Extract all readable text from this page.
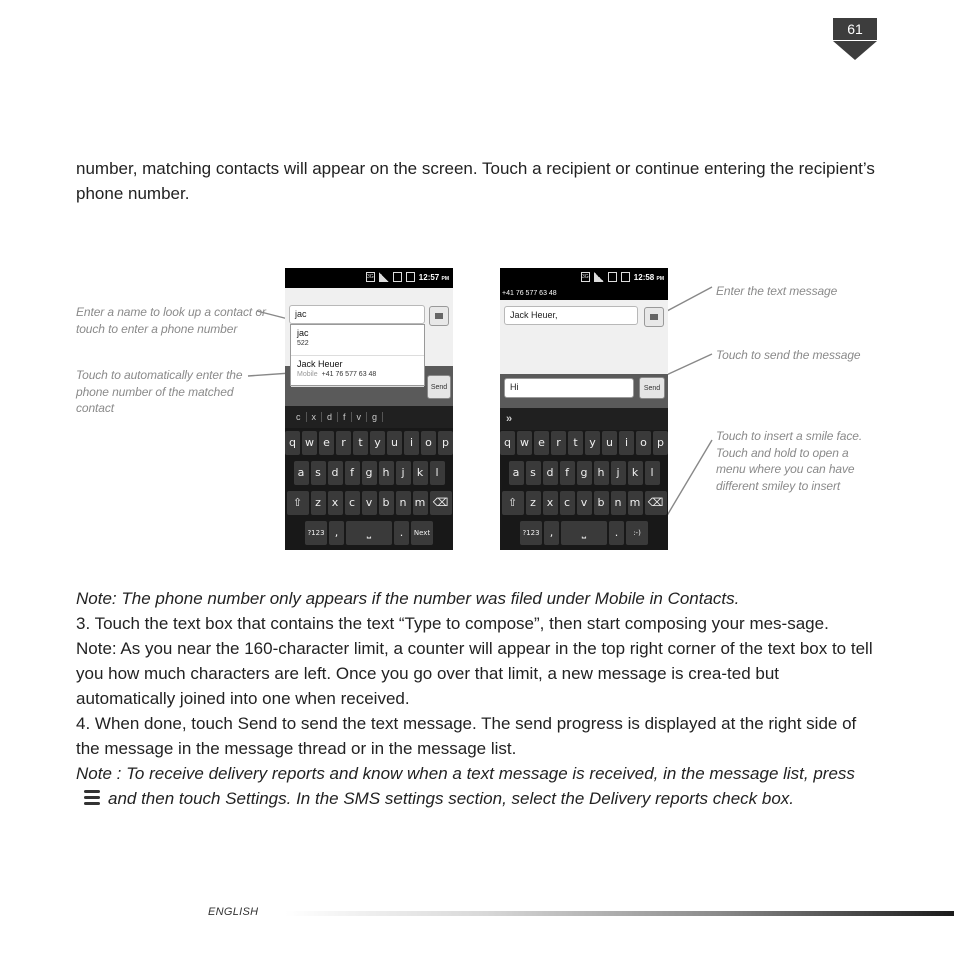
61
number, matching contacts will appear on the screen. Touch a recipient or continue entering the recipient’s phone number.
Enter a name to look up a contact or touch to enter a phone number
Touch to automatically enter the phone number of the matched contact
Enter the text message
Touch to send the message
Touch to insert a smile face. Touch and hold to open a menu where you can have different smiley to insert
3G	12:57 PM
jac
Send
jac
522
Jack Heuer
Mobile +41 76 577 63 48
c	x	d	f	v	g
q w e	r	t	y u	i	o p
a s d	f	g h	j	k	l
⇧	z x c v b n m ⌫
?123 ,	⎵	.	Next
3G	12:58 PM
+41 76 577 63 48
Jack Heuer,
Hi	Send
»
q w e	r	t	y u	i	o p
a s d	f	g h	j	k	l
⇧	z x c v b n m ⌫
?123 ,	⎵	.	:-)

Note: The phone number only appears if the number was filed under Mobile in Contacts.

3. Touch the text box that contains the text “Type to compose”, then start composing your mes-sage.

Note: As you near the 160-character limit, a counter will appear in the top right corner of the text box to tell you how much characters are left. Once you go over that limit, a new message is crea-ted but automatically joined into one when received.

4. When done, touch Send to send the text message. The send progress is displayed at the right side of the message in the message thread or in the message list.

Note : To receive delivery reports and know when a text message is received, in the message list, press
and then touch Settings. In the SMS settings section, select the Delivery reports check box.

ENGLISH
